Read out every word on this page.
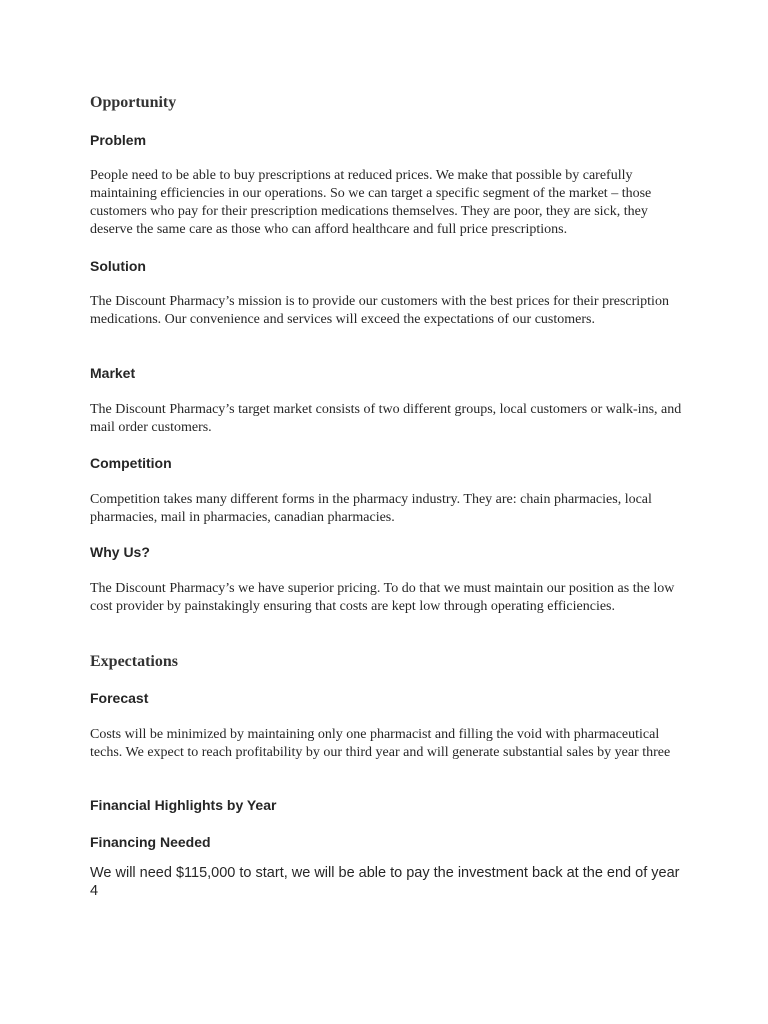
Opportunity
Problem

People need to be able to buy prescriptions at reduced prices. We make that possible by carefully maintaining efficiencies in our operations. So we can target a specific segment of the market – those customers who pay for their prescription medications themselves. They are poor, they are sick, they deserve the same care as those who can afford healthcare and full price prescriptions.

Solution

The Discount Pharmacy’s mission is to provide our customers with the best prices for their prescription medications. Our convenience and services will exceed the expectations of our customers.

Market

The Discount Pharmacy’s target market consists of two different groups, local customers or walk-ins, and mail order customers.

Competition

Competition takes many different forms in the pharmacy industry. They are: chain pharmacies, local pharmacies, mail in pharmacies, canadian pharmacies.

Why Us?

The Discount Pharmacy’s we have superior pricing. To do that we must maintain our position as the low cost provider by painstakingly ensuring that costs are kept low through operating efficiencies.

Expectations
Forecast

Costs will be minimized by maintaining only one pharmacist and filling the void with pharmaceutical techs. We expect to reach profitability by our third year and will generate substantial sales by year three

Financial Highlights by Year
Financing Needed

We will need $115,000 to start, we will be able to pay the investment back at the end of year 4
